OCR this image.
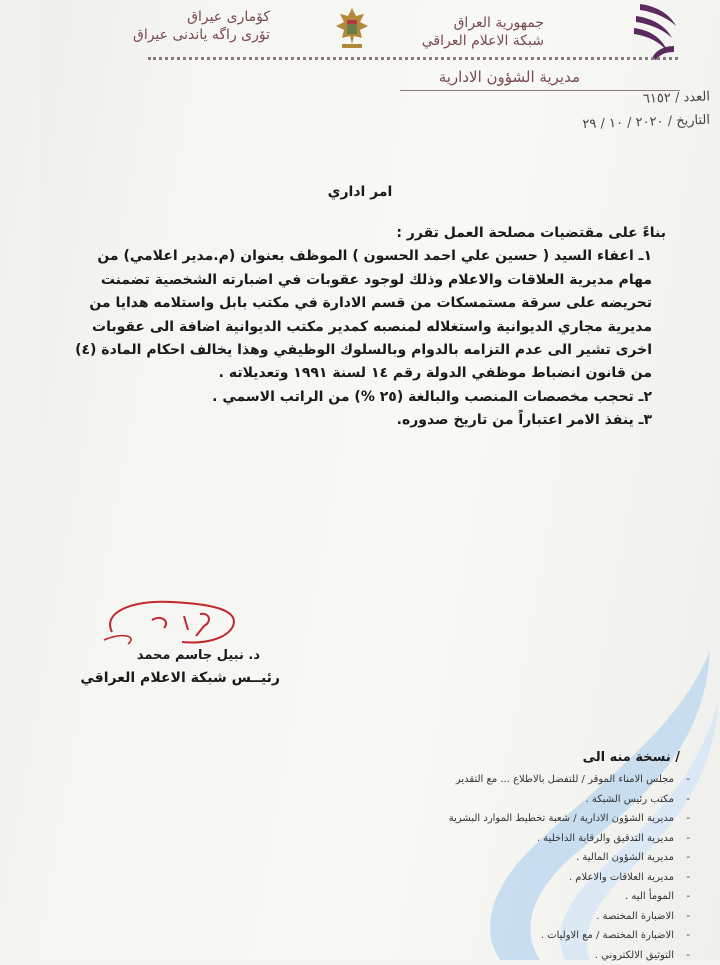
جمهورية العراق
شبكة الاعلام العراقي
كۆماری عیراق
تۆری راگه یاندنی عیراق
مديرية الشؤون الادارية
العدد / ٦١٥٢
التاريخ / ٢٠٢٠ / ١٠ / ٢٩
امر اداري

بناءً على مقتضيات مصلحة العمل تقرر :

١ـ اعفاء السيد ( حسين علي احمد الحسون ) الموظف بعنوان (م.مدير اعلامي) من مهام مديرية العلاقات والاعلام وذلك لوجود عقوبات في اضبارته الشخصية تضمنت تحريضه على سرقة مستمسكات من قسم الادارة في مكتب بابل واستلامه هدايا من مديرية مجاري الديوانية واستغلاله لمنصبه كمدير مكتب الديوانية اضافة الى عقوبات اخرى تشير الى عدم التزامه بالدوام وبالسلوك الوظيفي وهذا يخالف احكام المادة (٤) من قانون انضباط موظفي الدولة رقم ١٤ لسنة ١٩٩١ وتعديلاته .

٢ـ تحجب مخصصات المنصب والبالغة (٢٥ %) من الراتب الاسمي .

٣ـ ينفذ الامر اعتباراً من تاريخ صدوره.

د. نبيل جاسم محمد
رئيــس شبكة الاعلام العراقي
نسخة منه الى /
-مجلس الامناء الموقر / للتفضل بالاطلاع ... مع التقدير
-مكتب رئيس الشبكة .
-مديرية الشؤون الادارية / شعبة تخطيط الموارد البشرية
-مديرية التدقيق والرقابة الداخلية .
-مديرية الشؤون المالية .
-مديرية العلاقات والاعلام .
-المومأ اليه .
-الاضبارة المختصة .
-الاضبارة المختصة / مع الاوليات .
-التوثيق الالكتروني .
